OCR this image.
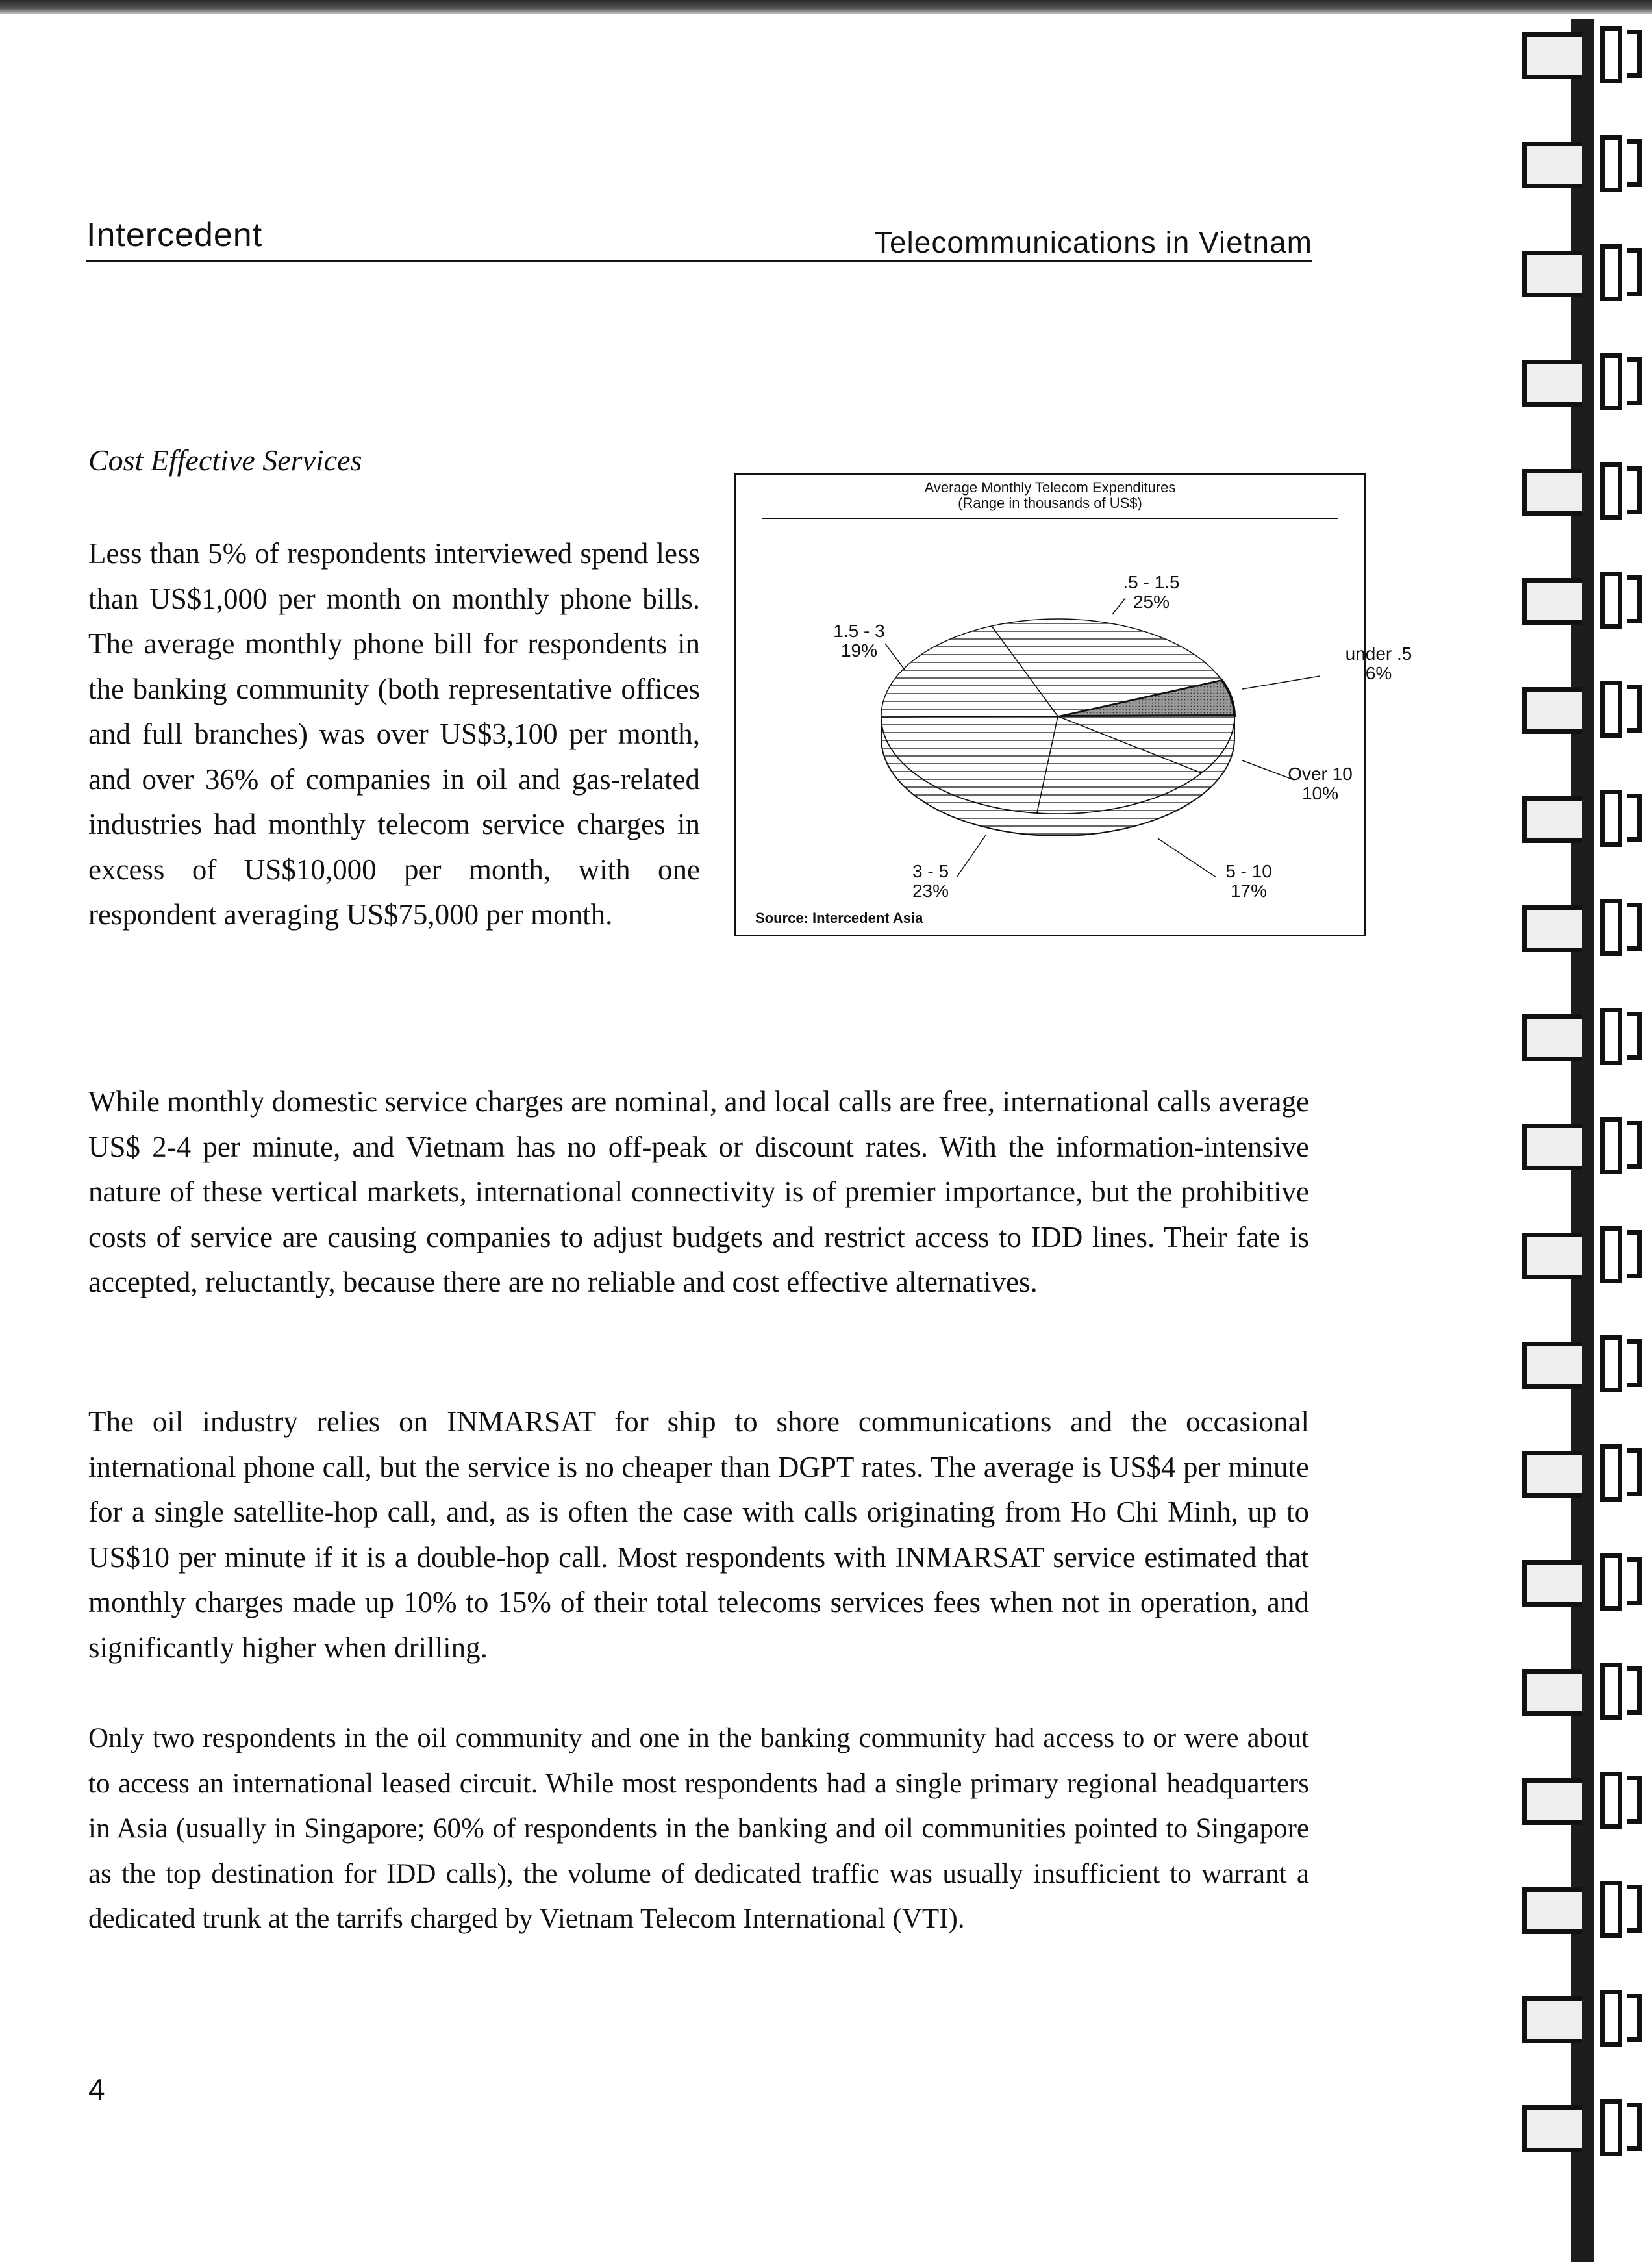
Intercedent	Telecommunications in Vietnam
Cost Effective Services

Less than 5% of respondents interviewed spend less than US$1,000 per month on monthly phone bills. The average monthly phone bill for respondents in the banking community (both representative offices and full branches) was over US$3,100 per month, and over 36% of companies in oil and gas-related industries had monthly telecom service charges in excess of US$10,000 per month, with one respondent averaging US$75,000 per month.

Average Monthly Telecom Expenditures
(Range in thousands of US$)
under .5
6%
Over 10
10%
5 - 10
17%
3 - 5
23%
1.5 - 3
19%
.5 - 1.5
25%
Source: Intercedent Asia

While monthly domestic service charges are nominal, and local calls are free, international calls average US$ 2-4 per minute, and Vietnam has no off-peak or discount rates. With the information-intensive nature of these vertical markets, international connectivity is of premier importance, but the prohibitive costs of service are causing companies to adjust budgets and restrict access to IDD lines. Their fate is accepted, reluctantly, because there are no reliable and cost effective alternatives.

The oil industry relies on INMARSAT for ship to shore communications and the occasional international phone call, but the service is no cheaper than DGPT rates. The average is US$4 per minute for a single satellite-hop call, and, as is often the case with calls originating from Ho Chi Minh, up to US$10 per minute if it is a double-hop call. Most respondents with INMARSAT service estimated that monthly charges made up 10% to 15% of their total telecoms services fees when not in operation, and significantly higher when drilling.

Only two respondents in the oil community and one in the banking community had access to or were about to access an international leased circuit. While most respondents had a single primary regional headquarters in Asia (usually in Singapore; 60% of respondents in the banking and oil communities pointed to Singapore as the top destination for IDD calls), the volume of dedicated traffic was usually insufficient to warrant a dedicated trunk at the tarrifs charged by Vietnam Telecom International (VTI).

4
